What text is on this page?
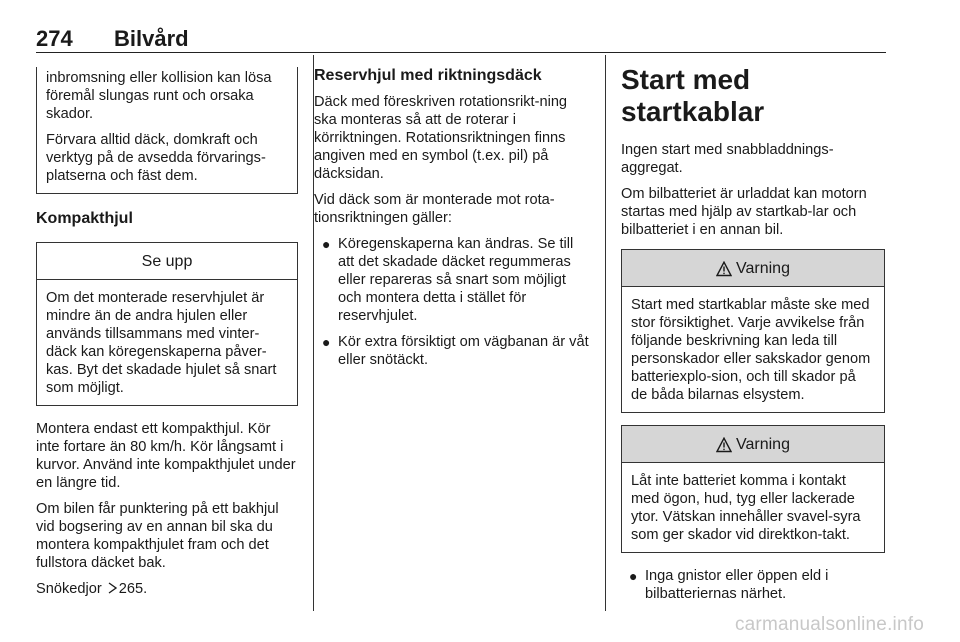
274 Bilvård

inbromsning eller kollision kan lösa föremål slungas runt och orsaka skador.

Förvara alltid däck, domkraft och verktyg på de avsedda förvarings-platserna och fäst dem.

Kompakthjul

Se upp

Om det monterade reservhjulet är mindre än de andra hjulen eller används tillsammans med vinter-däck kan köregenskaperna påver-kas. Byt det skadade hjulet så snart som möjligt.

Montera endast ett kompakthjul. Kör inte fortare än 80 km/h. Kör långsamt i kurvor. Använd inte kompakthjulet under en längre tid.

Om bilen får punktering på ett bakhjul vid bogsering av en annan bil ska du montera kompakthjulet fram och det fullstora däcket bak.

Snökedjor 265.

Reservhjul med riktningsdäck

Däck med föreskriven rotationsrikt-ning ska monteras så att de roterar i körriktningen. Rotationsriktningen finns angiven med en symbol (t.ex. pil) på däcksidan.

Vid däck som är monterade mot rota-tionsriktningen gäller:

● Köregenskaperna kan ändras. Se till att det skadade däcket regummeras eller repareras så snart som möjligt och montera detta i stället för reservhjulet.

● Kör extra försiktigt om vägbanan är våt eller snötäckt.

Start med startkablar

Ingen start med snabbladdnings-aggregat.

Om bilbatteriet är urladdat kan motorn startas med hjälp av startkab-lar och bilbatteriet i en annan bil.

Varning

Start med startkablar måste ske med stor försiktighet. Varje avvikelse från följande beskrivning kan leda till personskador eller sakskador genom batteriexplo-sion, och till skador på de båda bilarnas elsystem.

Varning

Låt inte batteriet komma i kontakt med ögon, hud, tyg eller lackerade ytor. Vätskan innehåller svavel-syra som ger skador vid direktkon-takt.

● Inga gnistor eller öppen eld i bilbatteriernas närhet.

carmanualsonline.info
